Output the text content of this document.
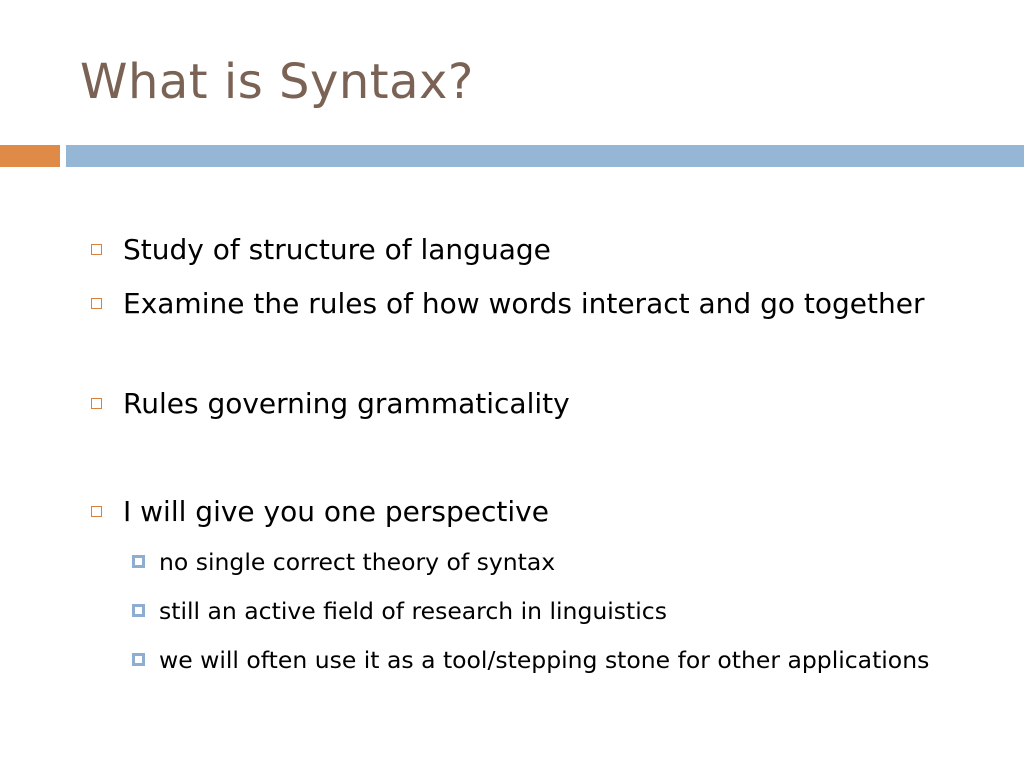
What is Syntax?
Study of structure of language
Examine the rules of how words interact and go together
Rules governing grammaticality
I will give you one perspective
no single correct theory of syntax
still an active field of research in linguistics
we will often use it as a tool/stepping stone for other applications
